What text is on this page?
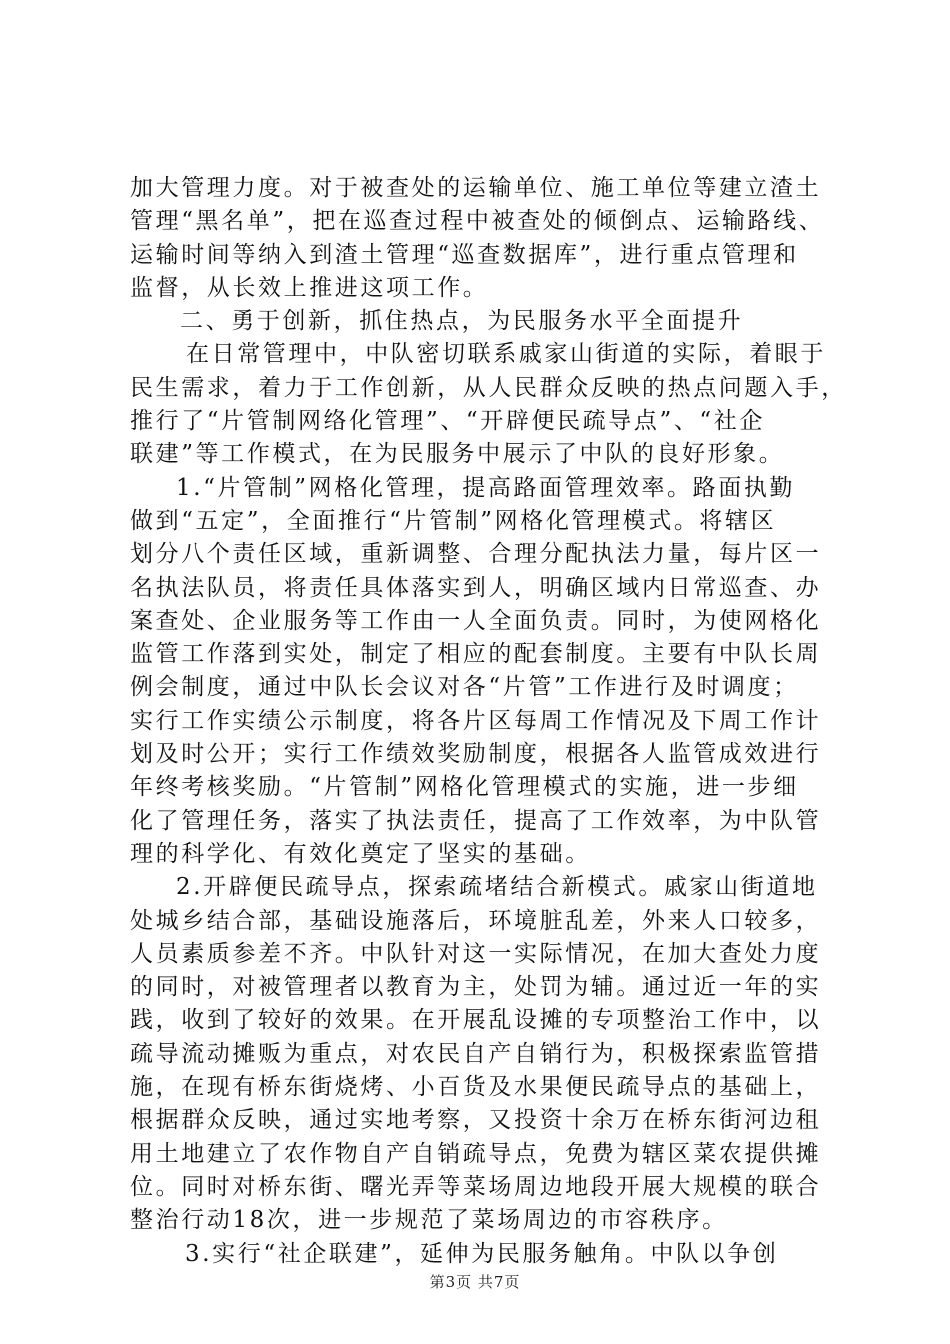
加大管理力度。对于被查处的运输单位、施工单位等建立渣土
管理“黑名单”，把在巡查过程中被查处的倾倒点、运输路线、
运输时间等纳入到渣土管理“巡查数据库”，进行重点管理和
监督，从长效上推进这项工作。
二、勇于创新，抓住热点，为民服务水平全面提升
在日常管理中，中队密切联系戚家山街道的实际，着眼于
民生需求，着力于工作创新，从人民群众反映的热点问题入手，
推行了“片管制网络化管理”、“开辟便民疏导点”、“社企
联建”等工作模式，在为民服务中展示了中队的良好形象。
1.“片管制”网格化管理，提高路面管理效率。路面执勤
做到“五定”，全面推行“片管制”网格化管理模式。将辖区
划分八个责任区域，重新调整、合理分配执法力量，每片区一
名执法队员，将责任具体落实到人，明确区域内日常巡查、办
案查处、企业服务等工作由一人全面负责。同时，为使网格化
监管工作落到实处，制定了相应的配套制度。主要有中队长周
例会制度，通过中队长会议对各“片管”工作进行及时调度；
实行工作实绩公示制度，将各片区每周工作情况及下周工作计
划及时公开；实行工作绩效奖励制度，根据各人监管成效进行
年终考核奖励。“片管制”网格化管理模式的实施，进一步细
化了管理任务，落实了执法责任，提高了工作效率，为中队管
理的科学化、有效化奠定了坚实的基础。
2.开辟便民疏导点，探索疏堵结合新模式。戚家山街道地
处城乡结合部，基础设施落后，环境脏乱差，外来人口较多，
人员素质参差不齐。中队针对这一实际情况，在加大查处力度
的同时，对被管理者以教育为主，处罚为辅。通过近一年的实
践，收到了较好的效果。在开展乱设摊的专项整治工作中，以
疏导流动摊贩为重点，对农民自产自销行为，积极探索监管措
施，在现有桥东街烧烤、小百货及水果便民疏导点的基础上，
根据群众反映，通过实地考察，又投资十余万在桥东街河边租
用土地建立了农作物自产自销疏导点，免费为辖区菜农提供摊
位。同时对桥东街、曙光弄等菜场周边地段开展大规模的联合
整治行动18次，进一步规范了菜场周边的市容秩序。
3.实行“社企联建”，延伸为民服务触角。中队以争创
第3页 共7页
